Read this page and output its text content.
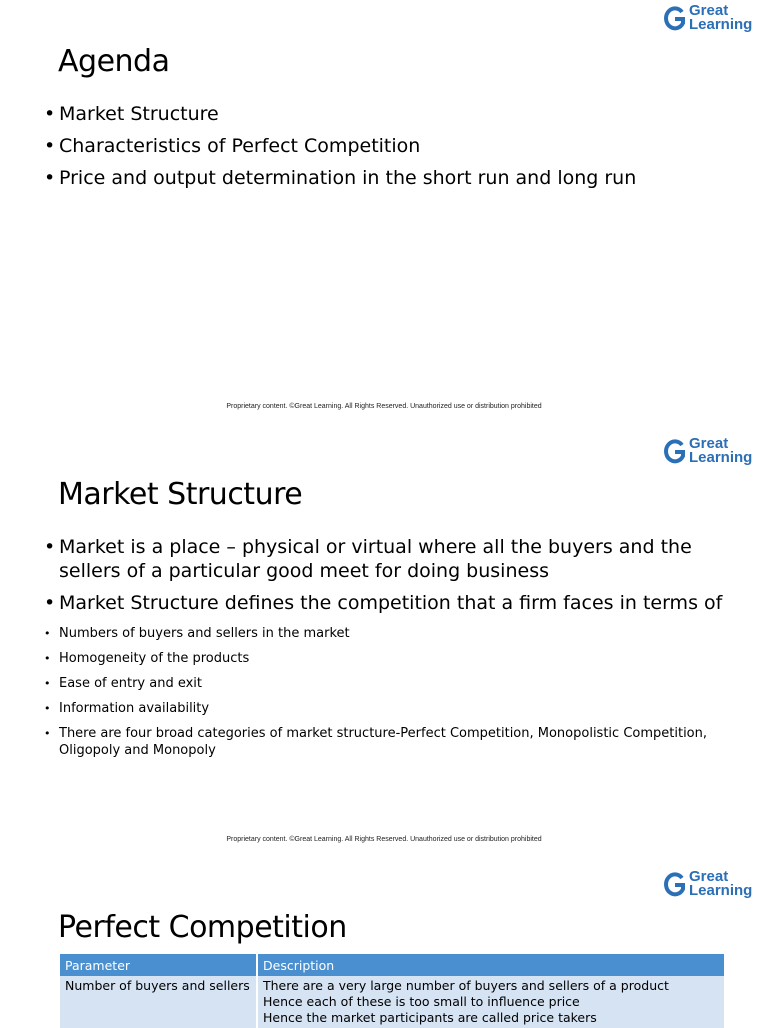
Great
Learning
Agenda
• Market Structure
• Characteristics of Perfect Competition
• Price and output determination in the short run and long run
Proprietary content. ©Great Learning. All Rights Reserved. Unauthorized use or distribution prohibited
Great
Learning
Market Structure
• Market is a place – physical or virtual where all the buyers and the sellers of a particular good meet for doing business
• Market Structure defines the competition that a firm faces in terms of
• Numbers of buyers and sellers in the market
• Homogeneity of the products
• Ease of entry and exit
• Information availability
• There are four broad categories of market structure-Perfect Competition, Monopolistic Competition, Oligopoly and Monopoly
Proprietary content. ©Great Learning. All Rights Reserved. Unauthorized use or distribution prohibited
Great
Learning
Perfect Competition
Parameter	Description
Number of buyers and sellers	There are a very large number of buyers and sellers of a product
Hence each of these is too small to influence price
Hence the market participants are called price takers
